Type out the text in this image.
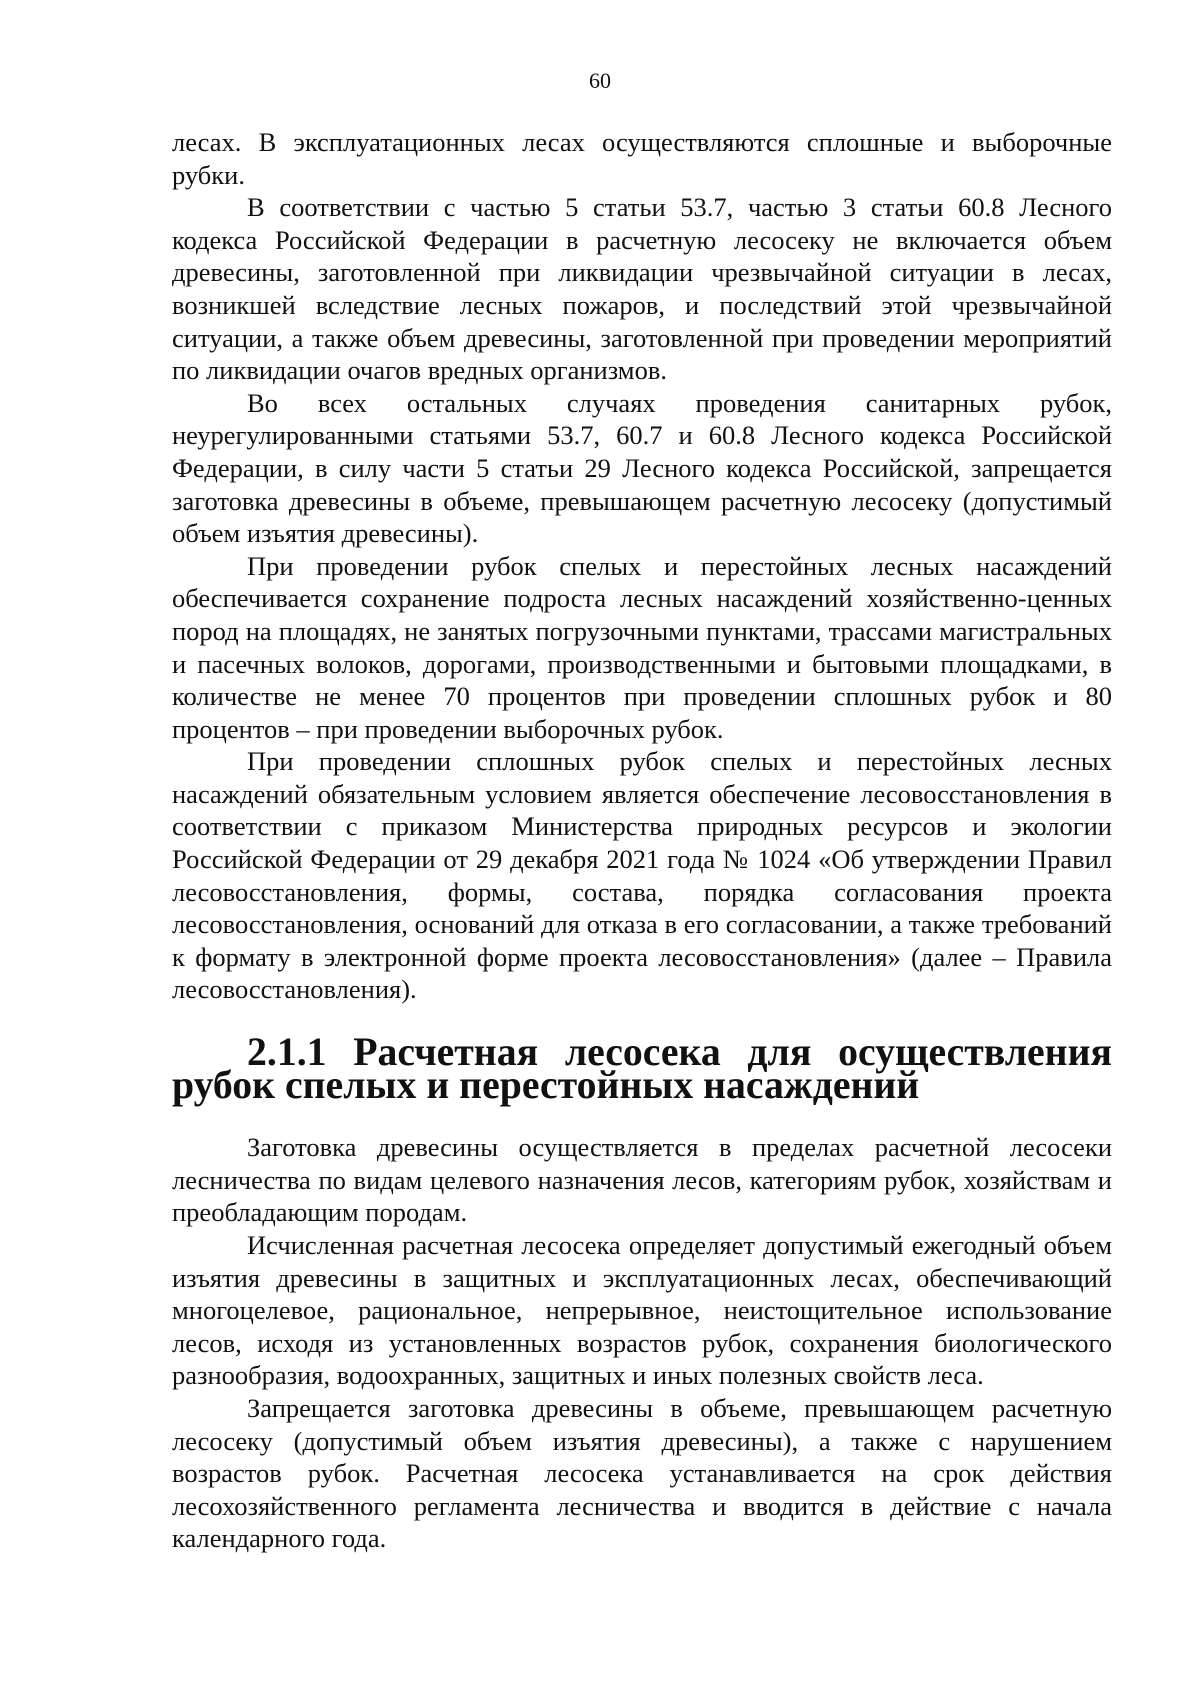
60

лесах. В эксплуатационных лесах осуществляются сплошные и выборочные рубки.

В соответствии с частью 5 статьи 53.7, частью 3 статьи 60.8 Лесного кодекса Российской Федерации в расчетную лесосеку не включается объем древесины, заготовленной при ликвидации чрезвычайной ситуации в лесах, возникшей вследствие лесных пожаров, и последствий этой чрезвычайной ситуации, а также объем древесины, заготовленной при проведении мероприятий по ликвидации очагов вредных организмов.

Во всех остальных случаях проведения санитарных рубок, неурегулированными статьями 53.7, 60.7 и 60.8 Лесного кодекса Российской Федерации, в силу части 5 статьи 29 Лесного кодекса Российской, запрещается заготовка древесины в объеме, превышающем расчетную лесосеку (допустимый объем изъятия древесины).

При проведении рубок спелых и перестойных лесных насаждений обеспечивается сохранение подроста лесных насаждений хозяйственно-ценных пород на площадях, не занятых погрузочными пунктами, трассами магистральных и пасечных волоков, дорогами, производственными и бытовыми площадками, в количестве не менее 70 процентов при проведении сплошных рубок и 80 процентов – при проведении выборочных рубок.

При проведении сплошных рубок спелых и перестойных лесных насаждений обязательным условием является обеспечение лесовосстановления в соответствии с приказом Министерства природных ресурсов и экологии Российской Федерации от 29 декабря 2021 года № 1024 «Об утверждении Правил лесовосстановления, формы, состава, порядка согласования проекта лесовосстановления, оснований для отказа в его согласовании, а также требований к формату в электронной форме проекта лесовосстановления» (далее – Правила лесовосстановления).

2.1.1 Расчетная лесосека для осуществления рубок спелых и перестойных насаждений

Заготовка древесины осуществляется в пределах расчетной лесосеки лесничества по видам целевого назначения лесов, категориям рубок, хозяйствам и преобладающим породам.

Исчисленная расчетная лесосека определяет допустимый ежегодный объем изъятия древесины в защитных и эксплуатационных лесах, обеспечивающий многоцелевое, рациональное, непрерывное, неистощительное использование лесов, исходя из установленных возрастов рубок, сохранения биологического разнообразия, водоохранных, защитных и иных полезных свойств леса.

Запрещается заготовка древесины в объеме, превышающем расчетную лесосеку (допустимый объем изъятия древесины), а также с нарушением возрастов рубок. Расчетная лесосека устанавливается на срок действия лесохозяйственного регламента лесничества и вводится в действие с начала календарного года.
